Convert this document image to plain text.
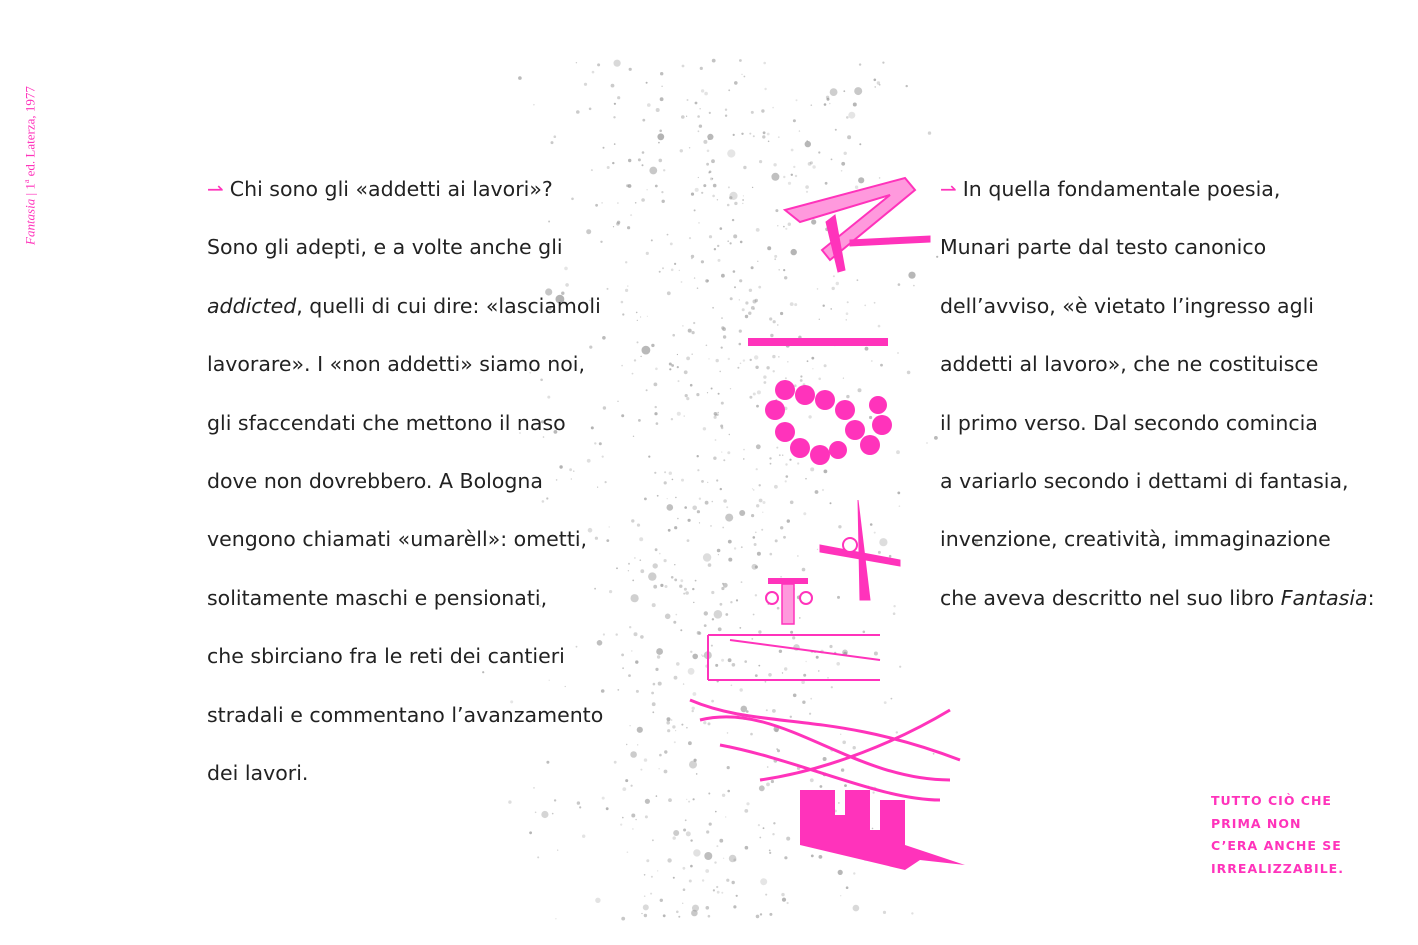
Fantasia | 1$^a$ ed. Laterza, 1977
⇀ Chi sono gli «addetti ai lavori»?
Sono gli adepti, e a volte anche gli
addicted, quelli di cui dire: «lasciamoli
lavorare». I «non addetti» siamo noi,
gli sfaccendati che mettono il naso
dove non dovrebbero. A Bologna
vengono chiamati «umarèll»: ometti,
solitamente maschi e pensionati,
che sbirciano fra le reti dei cantieri
stradali e commentano l’avanzamento
dei lavori.
⇀ In quella fondamentale poesia,
Munari parte dal testo canonico
dell’avviso, «è vietato l’ingresso agli
addetti al lavoro», che ne costituisce
il primo verso. Dal secondo comincia
a variarlo secondo i dettami di fantasia,
invenzione, creatività, immaginazione
che aveva descritto nel suo libro Fantasia:
TUTTO CIÒ CHE
PRIMA NON
C’ERA ANCHE SE
IRREALIZZABILE.
